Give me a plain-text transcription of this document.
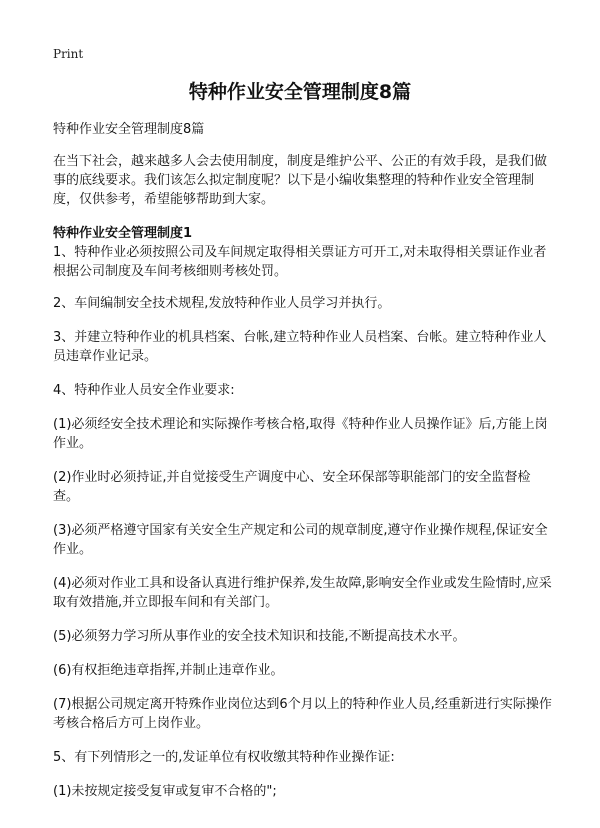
Print
特种作业安全管理制度8篇

特种作业安全管理制度8篇

在当下社会，越来越多人会去使用制度，制度是维护公平、公正的有效手段，是我们做事的底线要求。我们该怎么拟定制度呢？以下是小编收集整理的特种作业安全管理制度，仅供参考，希望能够帮助到大家。

特种作业安全管理制度1

1、特种作业必须按照公司及车间规定取得相关票证方可开工,对未取得相关票证作业者根据公司制度及车间考核细则考核处罚。

2、车间编制安全技术规程,发放特种作业人员学习并执行。

3、并建立特种作业的机具档案、台帐,建立特种作业人员档案、台帐。建立特种作业人员违章作业记录。

4、特种作业人员安全作业要求:

(1)必须经安全技术理论和实际操作考核合格,取得《特种作业人员操作证》后,方能上岗作业。

(2)作业时必须持证,并自觉接受生产调度中心、安全环保部等职能部门的安全监督检查。

(3)必须严格遵守国家有关安全生产规定和公司的规章制度,遵守作业操作规程,保证安全作业。

(4)必须对作业工具和设备认真进行维护保养,发生故障,影响安全作业或发生险情时,应采取有效措施,并立即报车间和有关部门。

(5)必须努力学习所从事作业的安全技术知识和技能,不断提高技术水平。

(6)有权拒绝违章指挥,并制止违章作业。

(7)根据公司规定离开特殊作业岗位达到6个月以上的特种作业人员,经重新进行实际操作考核合格后方可上岗作业。

5、有下列情形之一的,发证单位有权收缴其特种作业操作证:

(1)未按规定接受复审或复审不合格的";
